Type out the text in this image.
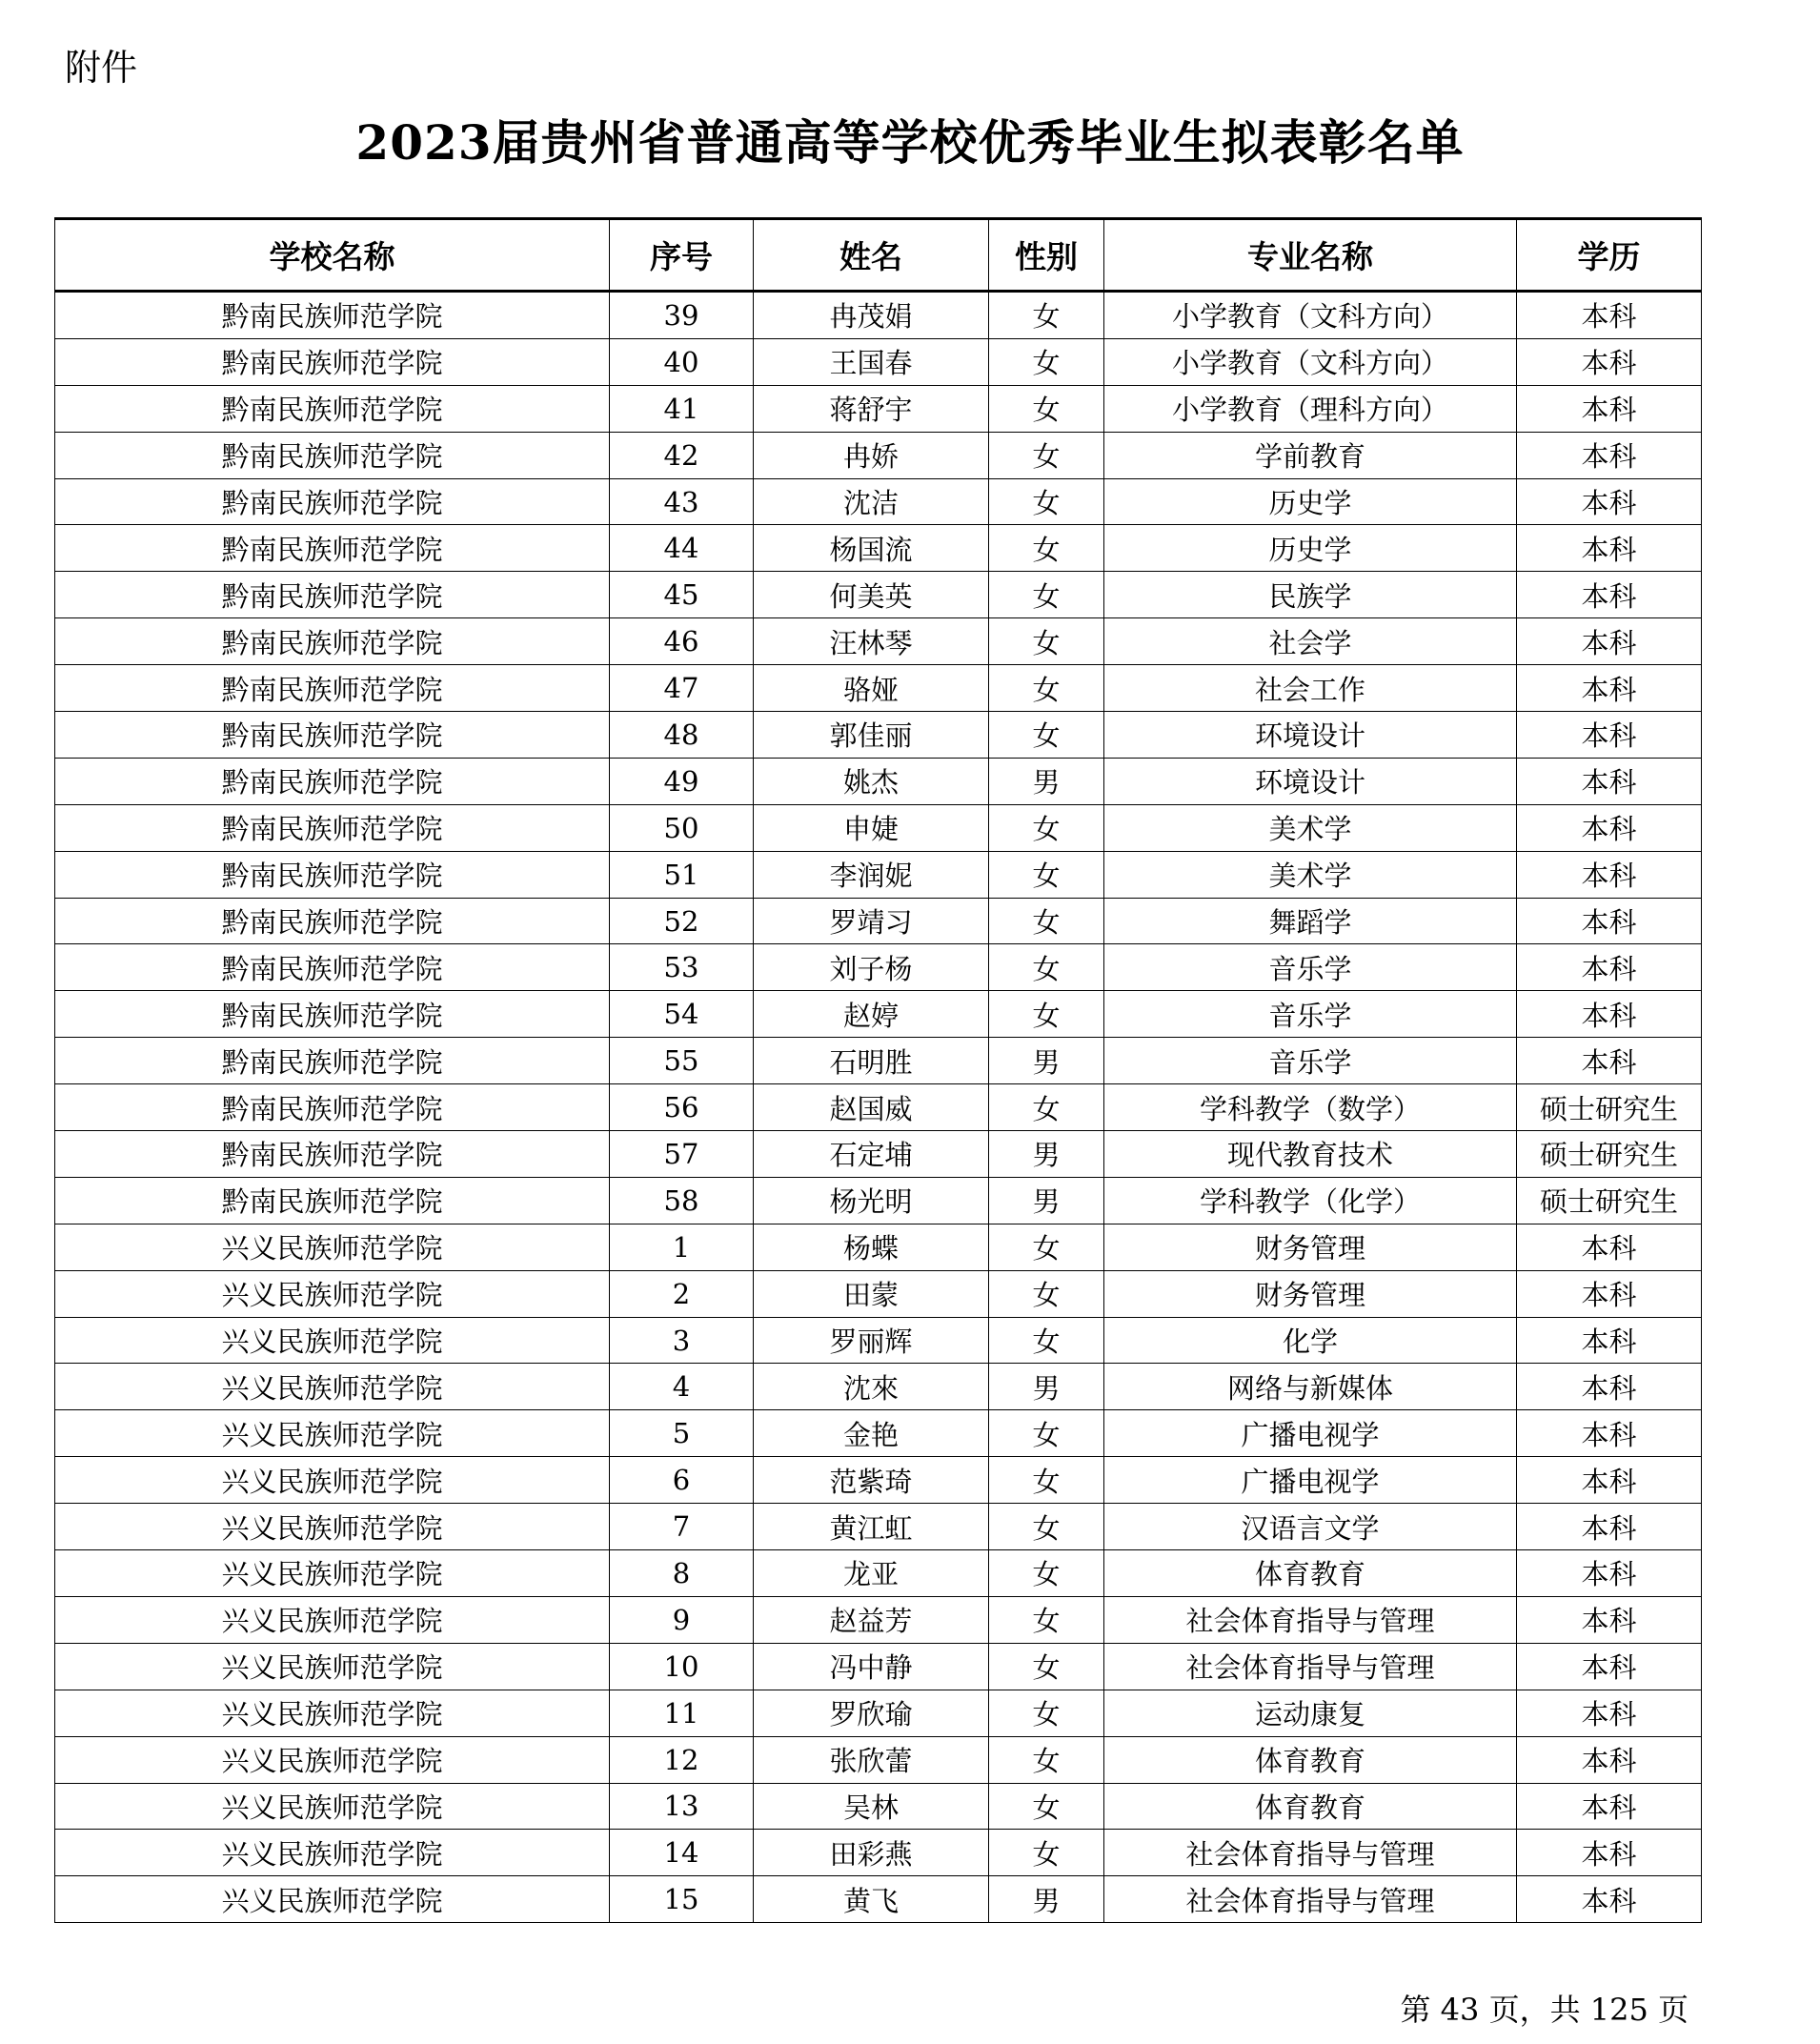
附件
2023届贵州省普通高等学校优秀毕业生拟表彰名单
学校名称	序号	姓名	性别	专业名称	学历
黔南民族师范学院	39	冉茂娟	女	小学教育（文科方向）	本科
黔南民族师范学院	40	王国春	女	小学教育（文科方向）	本科
黔南民族师范学院	41	蒋舒宇	女	小学教育（理科方向）	本科
黔南民族师范学院	42	冉娇	女	学前教育	本科
黔南民族师范学院	43	沈洁	女	历史学	本科
黔南民族师范学院	44	杨国流	女	历史学	本科
黔南民族师范学院	45	何美英	女	民族学	本科
黔南民族师范学院	46	汪林琴	女	社会学	本科
黔南民族师范学院	47	骆娅	女	社会工作	本科
黔南民族师范学院	48	郭佳丽	女	环境设计	本科
黔南民族师范学院	49	姚杰	男	环境设计	本科
黔南民族师范学院	50	申婕	女	美术学	本科
黔南民族师范学院	51	李润妮	女	美术学	本科
黔南民族师范学院	52	罗靖习	女	舞蹈学	本科
黔南民族师范学院	53	刘子杨	女	音乐学	本科
黔南民族师范学院	54	赵婷	女	音乐学	本科
黔南民族师范学院	55	石明胜	男	音乐学	本科
黔南民族师范学院	56	赵国威	女	学科教学（数学）	硕士研究生
黔南民族师范学院	57	石定埔	男	现代教育技术	硕士研究生
黔南民族师范学院	58	杨光明	男	学科教学（化学）	硕士研究生
兴义民族师范学院	1	杨蝶	女	财务管理	本科
兴义民族师范学院	2	田蒙	女	财务管理	本科
兴义民族师范学院	3	罗丽辉	女	化学	本科
兴义民族师范学院	4	沈來	男	网络与新媒体	本科
兴义民族师范学院	5	金艳	女	广播电视学	本科
兴义民族师范学院	6	范紫琦	女	广播电视学	本科
兴义民族师范学院	7	黄江虹	女	汉语言文学	本科
兴义民族师范学院	8	龙亚	女	体育教育	本科
兴义民族师范学院	9	赵益芳	女	社会体育指导与管理	本科
兴义民族师范学院	10	冯中静	女	社会体育指导与管理	本科
兴义民族师范学院	11	罗欣瑜	女	运动康复	本科
兴义民族师范学院	12	张欣蕾	女	体育教育	本科
兴义民族师范学院	13	吴林	女	体育教育	本科
兴义民族师范学院	14	田彩燕	女	社会体育指导与管理	本科
兴义民族师范学院	15	黄飞	男	社会体育指导与管理	本科
第 43 页，共 125 页
